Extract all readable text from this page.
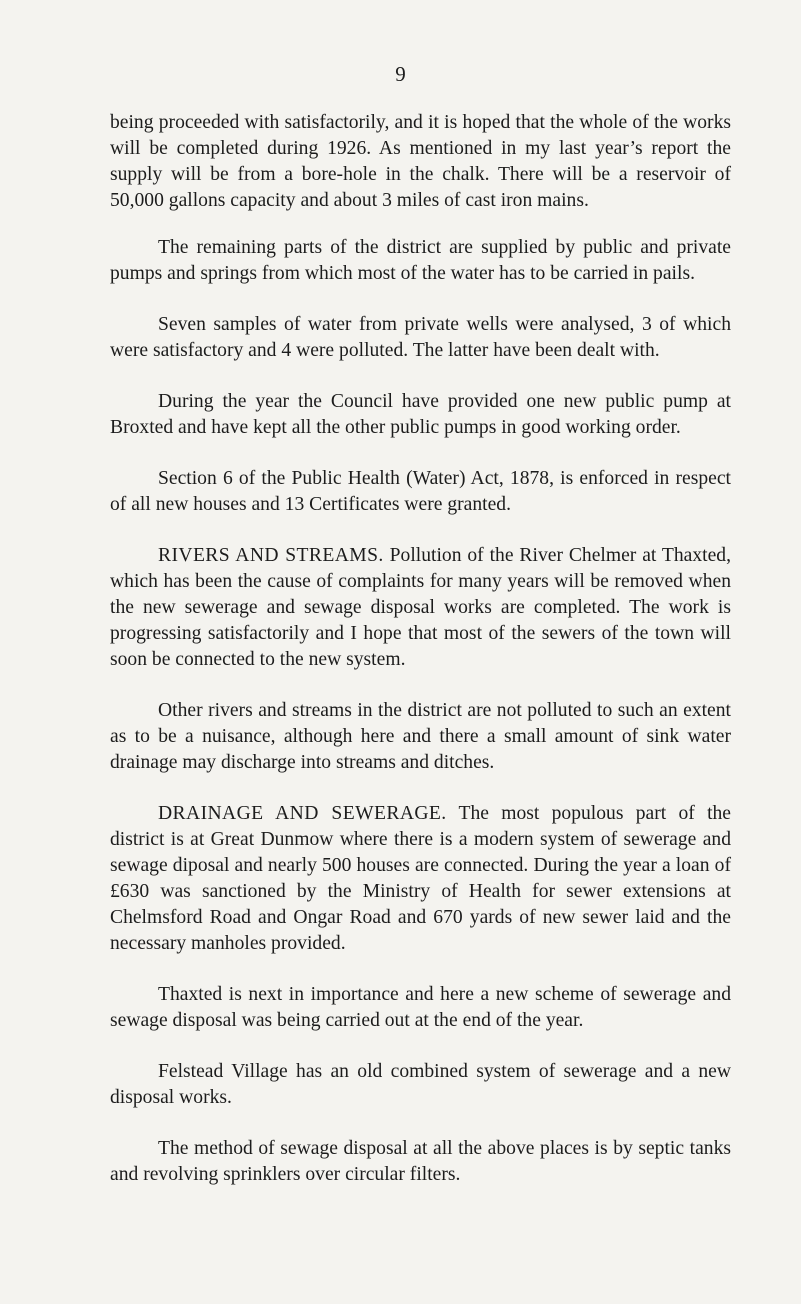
9

being proceeded with satisfactorily, and it is hoped that the whole of the works will be completed during 1926. As mentioned in my last year’s report the supply will be from a bore-hole in the chalk. There will be a reservoir of 50,000 gallons capacity and about 3 miles of cast iron mains.

The remaining parts of the district are supplied by public and private pumps and springs from which most of the water has to be carried in pails.

Seven samples of water from private wells were analysed, 3 of which were satisfactory and 4 were polluted. The latter have been dealt with.

During the year the Council have provided one new public pump at Broxted and have kept all the other public pumps in good working order.

Section 6 of the Public Health (Water) Act, 1878, is enforced in respect of all new houses and 13 Certificates were granted.

RIVERS AND STREAMS. Pollution of the River Chelmer at Thaxted, which has been the cause of complaints for many years will be removed when the new sewerage and sewage disposal works are completed. The work is progressing satisfactorily and I hope that most of the sewers of the town will soon be connected to the new system.

Other rivers and streams in the district are not polluted to such an extent as to be a nuisance, although here and there a small amount of sink water drainage may discharge into streams and ditches.

DRAINAGE AND SEWERAGE. The most populous part of the district is at Great Dunmow where there is a modern system of sewerage and sewage diposal and nearly 500 houses are connected. During the year a loan of £630 was sanctioned by the Ministry of Health for sewer extensions at Chelmsford Road and Ongar Road and 670 yards of new sewer laid and the necessary manholes provided.

Thaxted is next in importance and here a new scheme of sewerage and sewage disposal was being carried out at the end of the year.

Felstead Village has an old combined system of sewerage and a new disposal works.

The method of sewage disposal at all the above places is by septic tanks and revolving sprinklers over circular filters.
